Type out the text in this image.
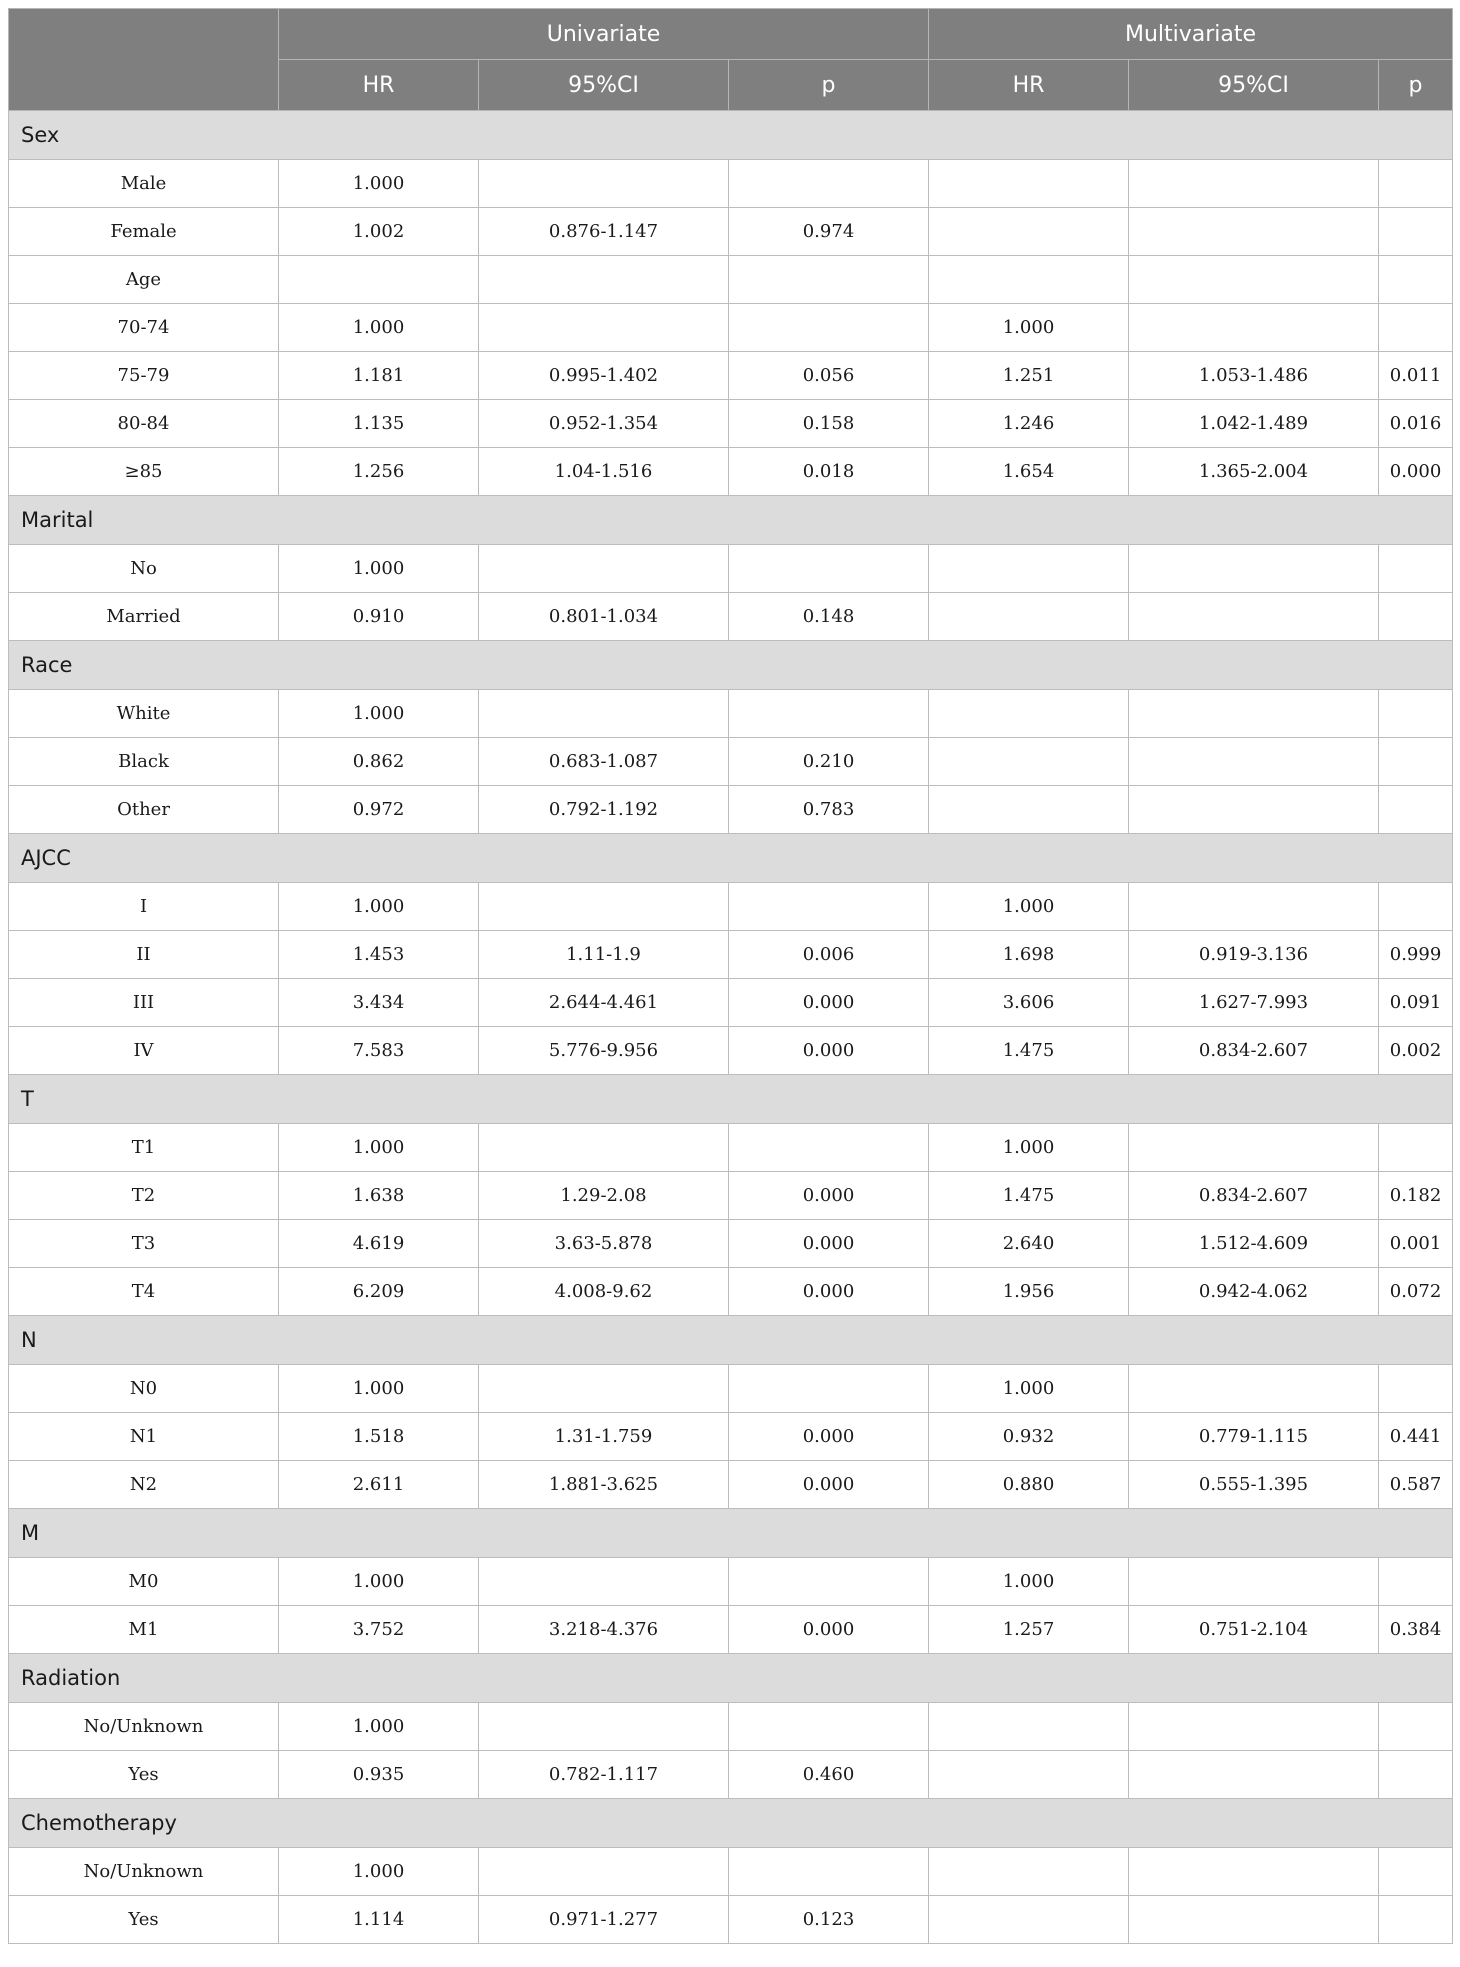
	Univariate			Multivariate		
	HR	95%CI	p	HR	95%CI	p
Sex						
Male	1.000					
Female	1.002	0.876-1.147	0.974			
Age						
70-74	1.000			1.000		
75-79	1.181	0.995-1.402	0.056	1.251	1.053-1.486	0.011
80-84	1.135	0.952-1.354	0.158	1.246	1.042-1.489	0.016
≥85	1.256	1.04-1.516	0.018	1.654	1.365-2.004	0.000
Marital						
No	1.000					
Married	0.910	0.801-1.034	0.148			
Race						
White	1.000					
Black	0.862	0.683-1.087	0.210			
Other	0.972	0.792-1.192	0.783			
AJCC						
I	1.000			1.000		
II	1.453	1.11-1.9	0.006	1.698	0.919-3.136	0.999
III	3.434	2.644-4.461	0.000	3.606	1.627-7.993	0.091
IV	7.583	5.776-9.956	0.000	1.475	0.834-2.607	0.002
T						
T1	1.000			1.000		
T2	1.638	1.29-2.08	0.000	1.475	0.834-2.607	0.182
T3	4.619	3.63-5.878	0.000	2.640	1.512-4.609	0.001
T4	6.209	4.008-9.62	0.000	1.956	0.942-4.062	0.072
N						
N0	1.000			1.000		
N1	1.518	1.31-1.759	0.000	0.932	0.779-1.115	0.441
N2	2.611	1.881-3.625	0.000	0.880	0.555-1.395	0.587
M						
M0	1.000			1.000		
M1	3.752	3.218-4.376	0.000	1.257	0.751-2.104	0.384
Radiation						
No/Unknown	1.000					
Yes	0.935	0.782-1.117	0.460			
Chemotherapy						
No/Unknown	1.000					
Yes	1.114	0.971-1.277	0.123			
